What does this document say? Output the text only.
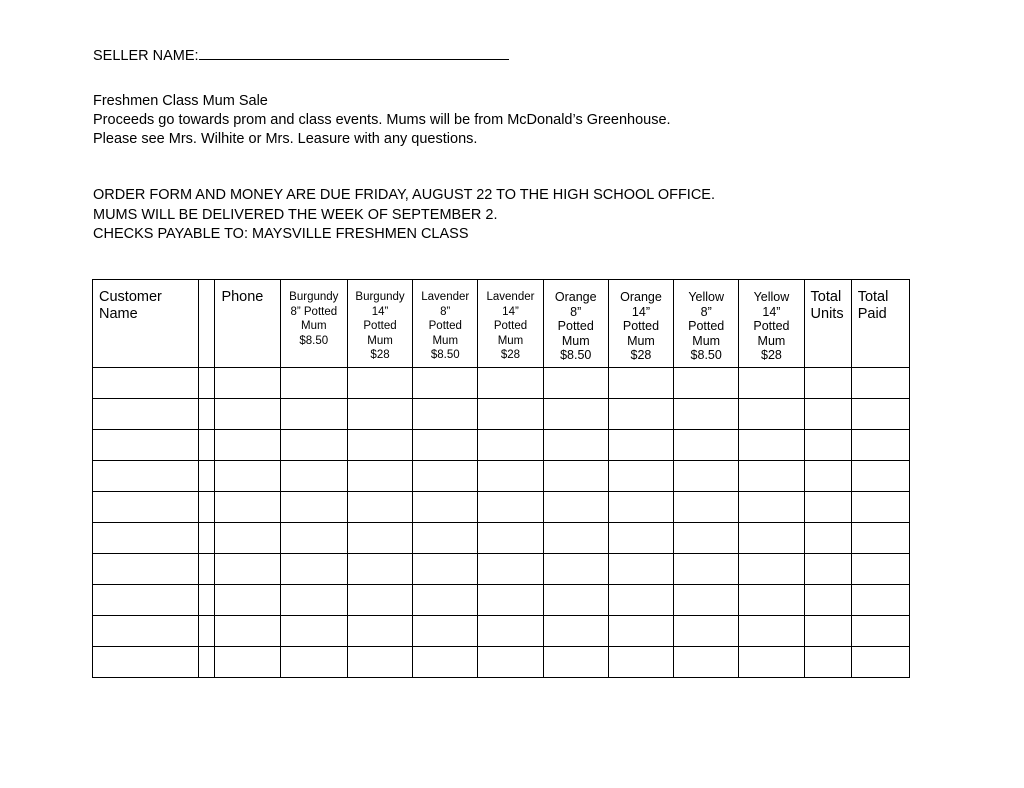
SELLER NAME:
Freshmen Class Mum Sale
Proceeds go towards prom and class events. Mums will be from McDonald’s Greenhouse.
Please see Mrs. Wilhite or Mrs. Leasure with any questions.
ORDER FORM AND MONEY ARE DUE FRIDAY, AUGUST 22 TO THE HIGH SCHOOL OFFICE.
MUMS WILL BE DELIVERED THE WEEK OF SEPTEMBER 2.
CHECKS PAYABLE TO: MAYSVILLE FRESHMEN CLASS
Customer
Name		Phone	Burgundy
8” Potted
Mum
$8.50	Burgundy
14”
Potted
Mum
$28	Lavender
8”
Potted
Mum
$8.50	Lavender
14”
Potted
Mum
$28	Orange
8”
Potted
Mum
$8.50	Orange
14”
Potted
Mum
$28	Yellow
8”
Potted
Mum
$8.50	Yellow
14”
Potted
Mum
$28	Total
Units	Total
Paid
